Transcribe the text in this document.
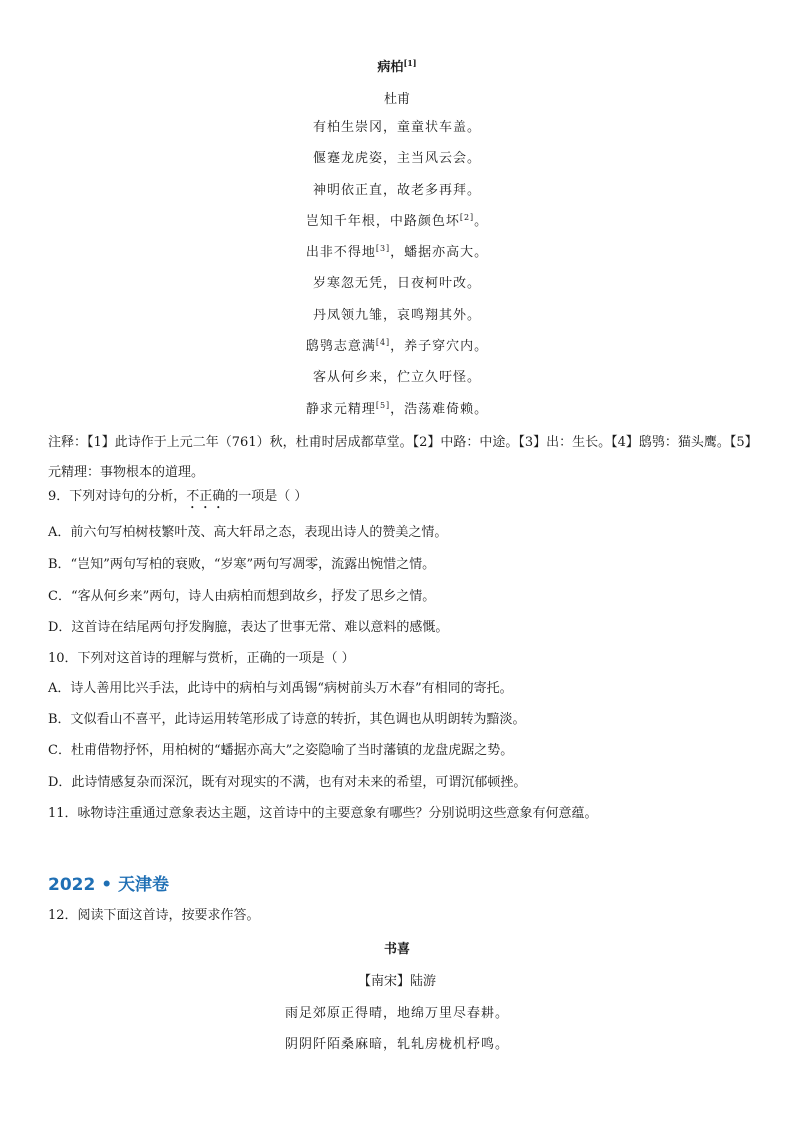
病柏[1]
杜甫
有柏生崇冈，童童状车盖。
偃蹇龙虎姿，主当风云会。
神明依正直，故老多再拜。
岂知千年根，中路颜色坏[2]。
出非不得地[3]，蟠据亦高大。
岁寒忽无凭，日夜柯叶改。
丹凤领九雏，哀鸣翔其外。
鸱鸮志意满[4]，养子穿穴内。
客从何乡来，伫立久吁怪。
静求元精理[5]，浩荡难倚赖。
注释：【1】此诗作于上元二年（761）秋，杜甫时居成都草堂。【2】中路：中途。【3】出：生长。【4】鸱鸮：猫头鹰。【5】元精理：事物根本的道理。
9．下列对诗句的分析，不正确的一项是（ ）
A．前六句写柏树枝繁叶茂、高大轩昂之态，表现出诗人的赞美之情。
B．“岂知”两句写柏的衰败，“岁寒”两句写凋零，流露出惋惜之情。
C．“客从何乡来”两句，诗人由病柏而想到故乡，抒发了思乡之情。
D．这首诗在结尾两句抒发胸臆，表达了世事无常、难以意料的感慨。
10．下列对这首诗的理解与赏析，正确的一项是（ ）
A．诗人善用比兴手法，此诗中的病柏与刘禹锡“病树前头万木春”有相同的寄托。
B．文似看山不喜平，此诗运用转笔形成了诗意的转折，其色调也从明朗转为黯淡。
C．杜甫借物抒怀，用柏树的“蟠据亦高大”之姿隐喻了当时藩镇的龙盘虎踞之势。
D．此诗情感复杂而深沉，既有对现实的不满，也有对未来的希望，可谓沉郁顿挫。
11．咏物诗注重通过意象表达主题，这首诗中的主要意象有哪些？分别说明这些意象有何意蕴。
2022 • 天津卷
12．阅读下面这首诗，按要求作答。
书喜
【南宋】陆游
雨足郊原正得晴，地绵万里尽春耕。
阴阴阡陌桑麻暗，轧轧房栊机杼鸣。
